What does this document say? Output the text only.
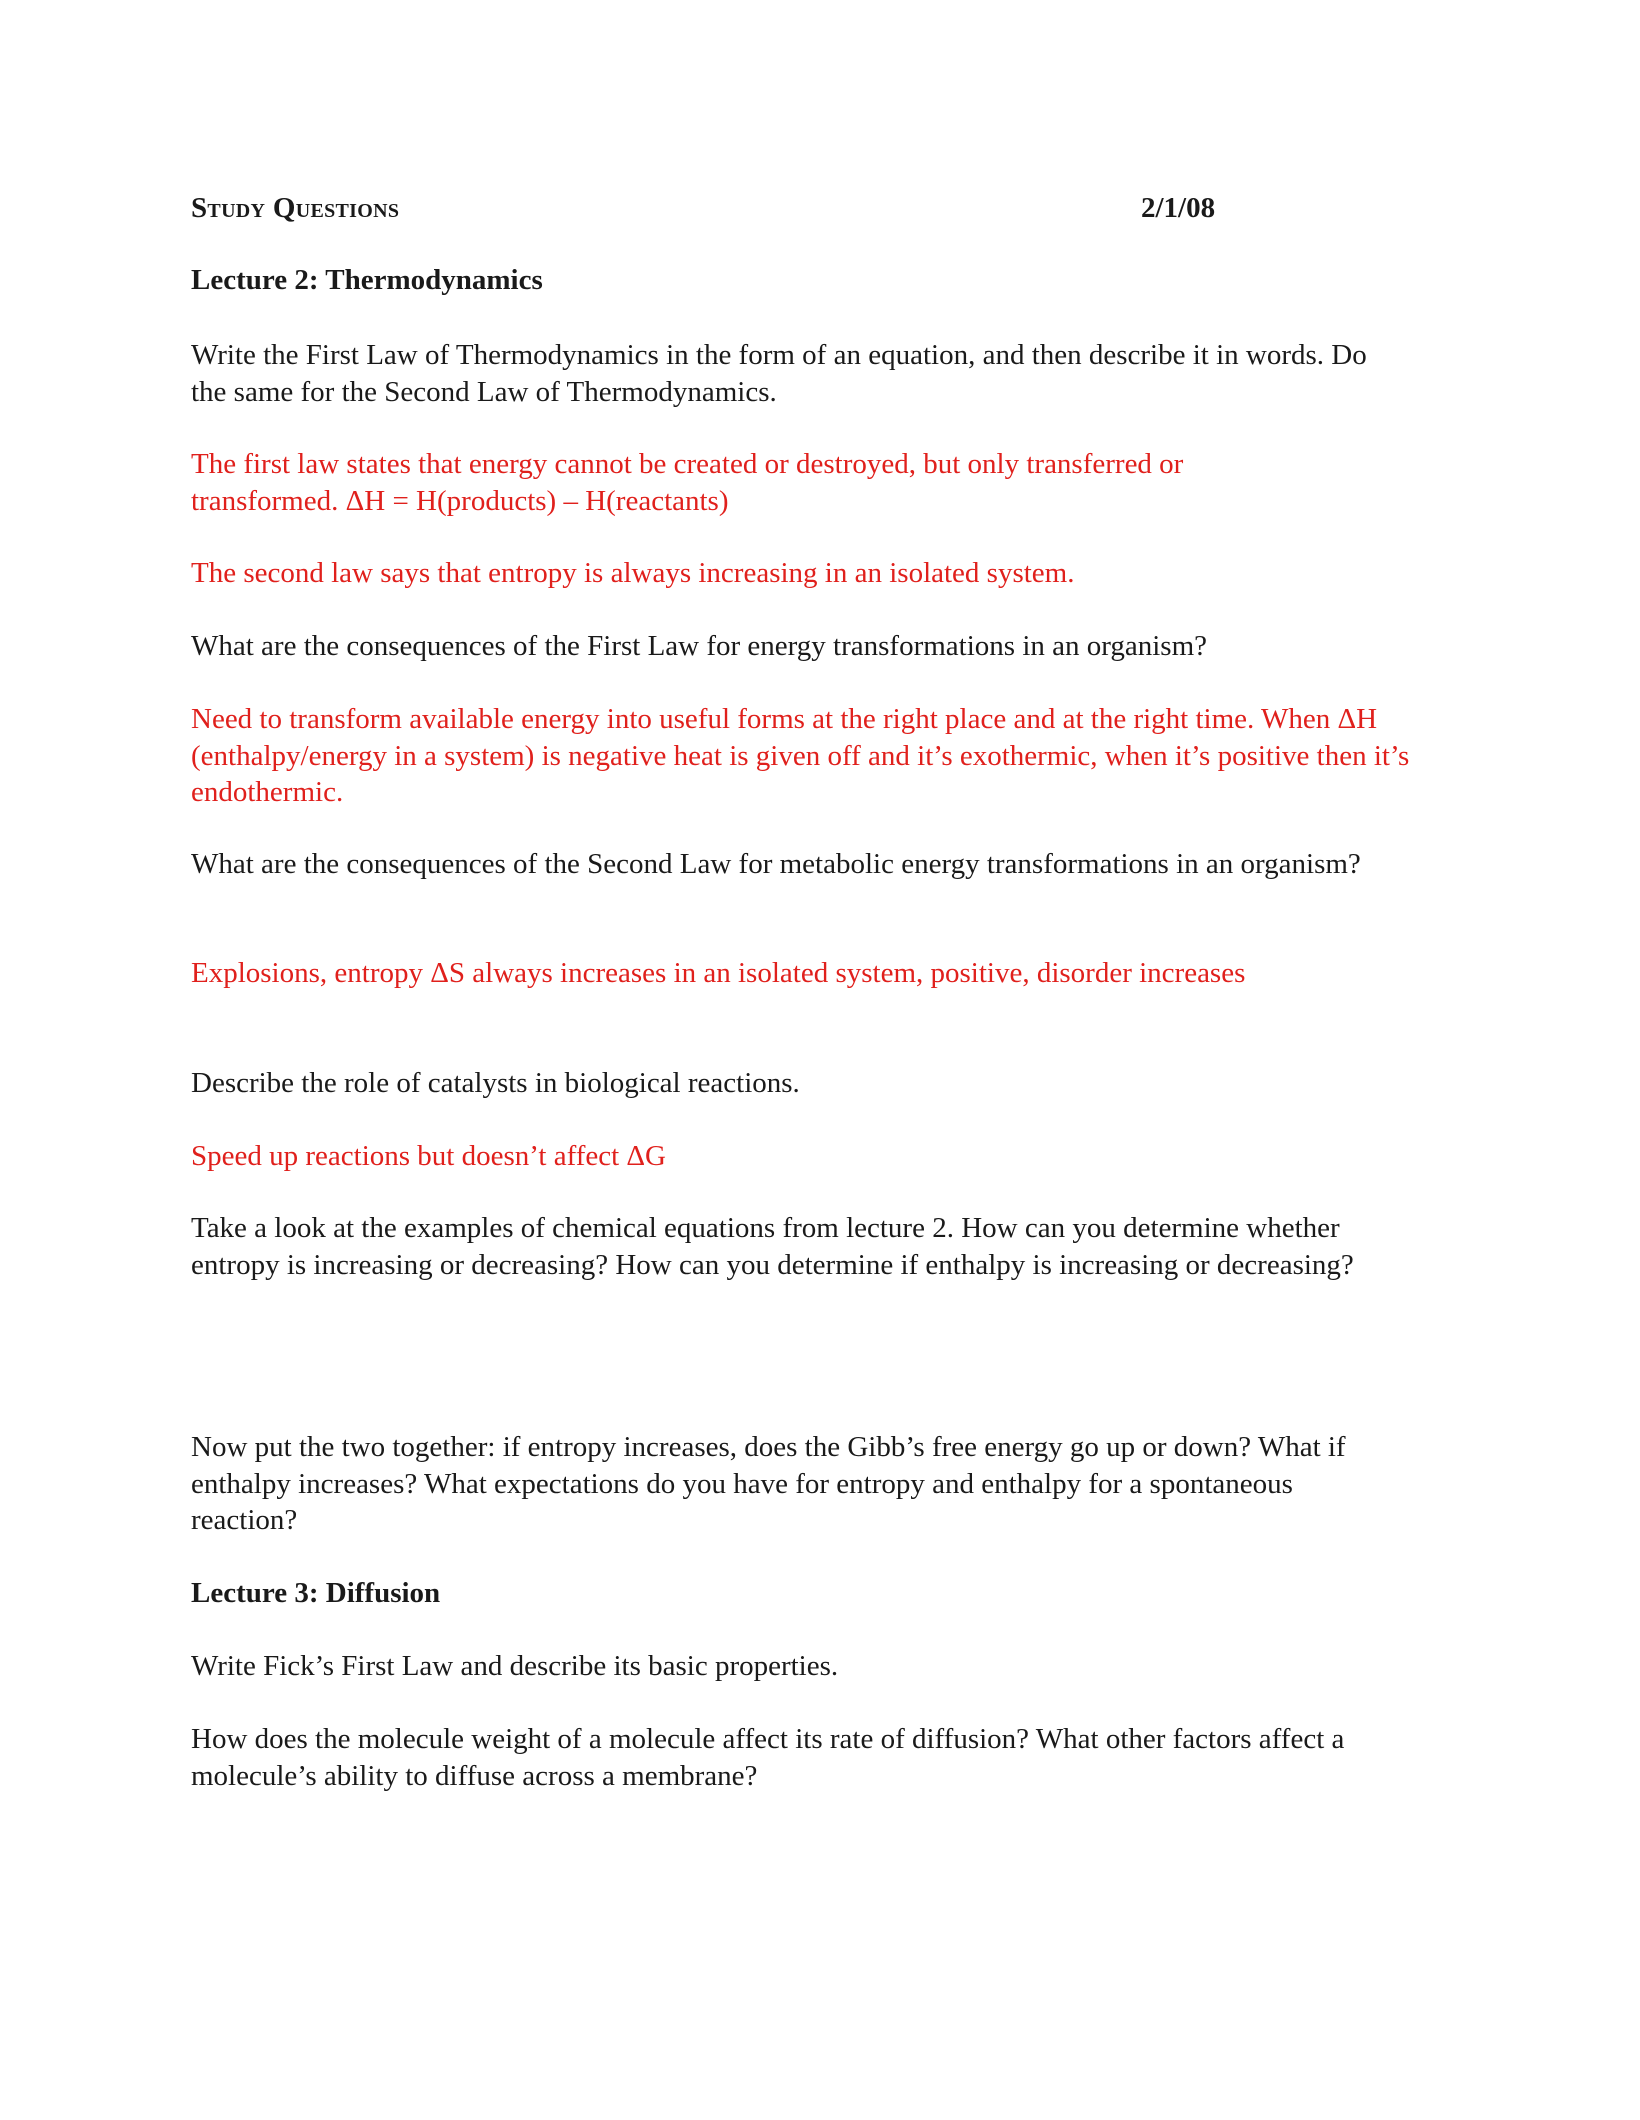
Study Questions	2/1/08

Lecture 2: Thermodynamics

Write the First Law of Thermodynamics in the form of an equation, and then describe it in words. Do the same for the Second Law of Thermodynamics.

The first law states that energy cannot be created or destroyed, but only transferred or transformed. ΔH = H(products) – H(reactants)

The second law says that entropy is always increasing in an isolated system.

What are the consequences of the First Law for energy transformations in an organism?

Need to transform available energy into useful forms at the right place and at the right time. When ΔH (enthalpy/energy in a system) is negative heat is given off and it’s exothermic, when it’s positive then it’s endothermic.

What are the consequences of the Second Law for metabolic energy transformations in an organism?

Explosions, entropy ΔS always increases in an isolated system, positive, disorder increases

Describe the role of catalysts in biological reactions.

Speed up reactions but doesn’t affect ΔG

Take a look at the examples of chemical equations from lecture 2. How can you determine whether entropy is increasing or decreasing? How can you determine if enthalpy is increasing or decreasing?

Now put the two together: if entropy increases, does the Gibb’s free energy go up or down? What if enthalpy increases? What expectations do you have for entropy and enthalpy for a spontaneous reaction?

Lecture 3: Diffusion

Write Fick’s First Law and describe its basic properties.

How does the molecule weight of a molecule affect its rate of diffusion? What other factors affect a molecule’s ability to diffuse across a membrane?
